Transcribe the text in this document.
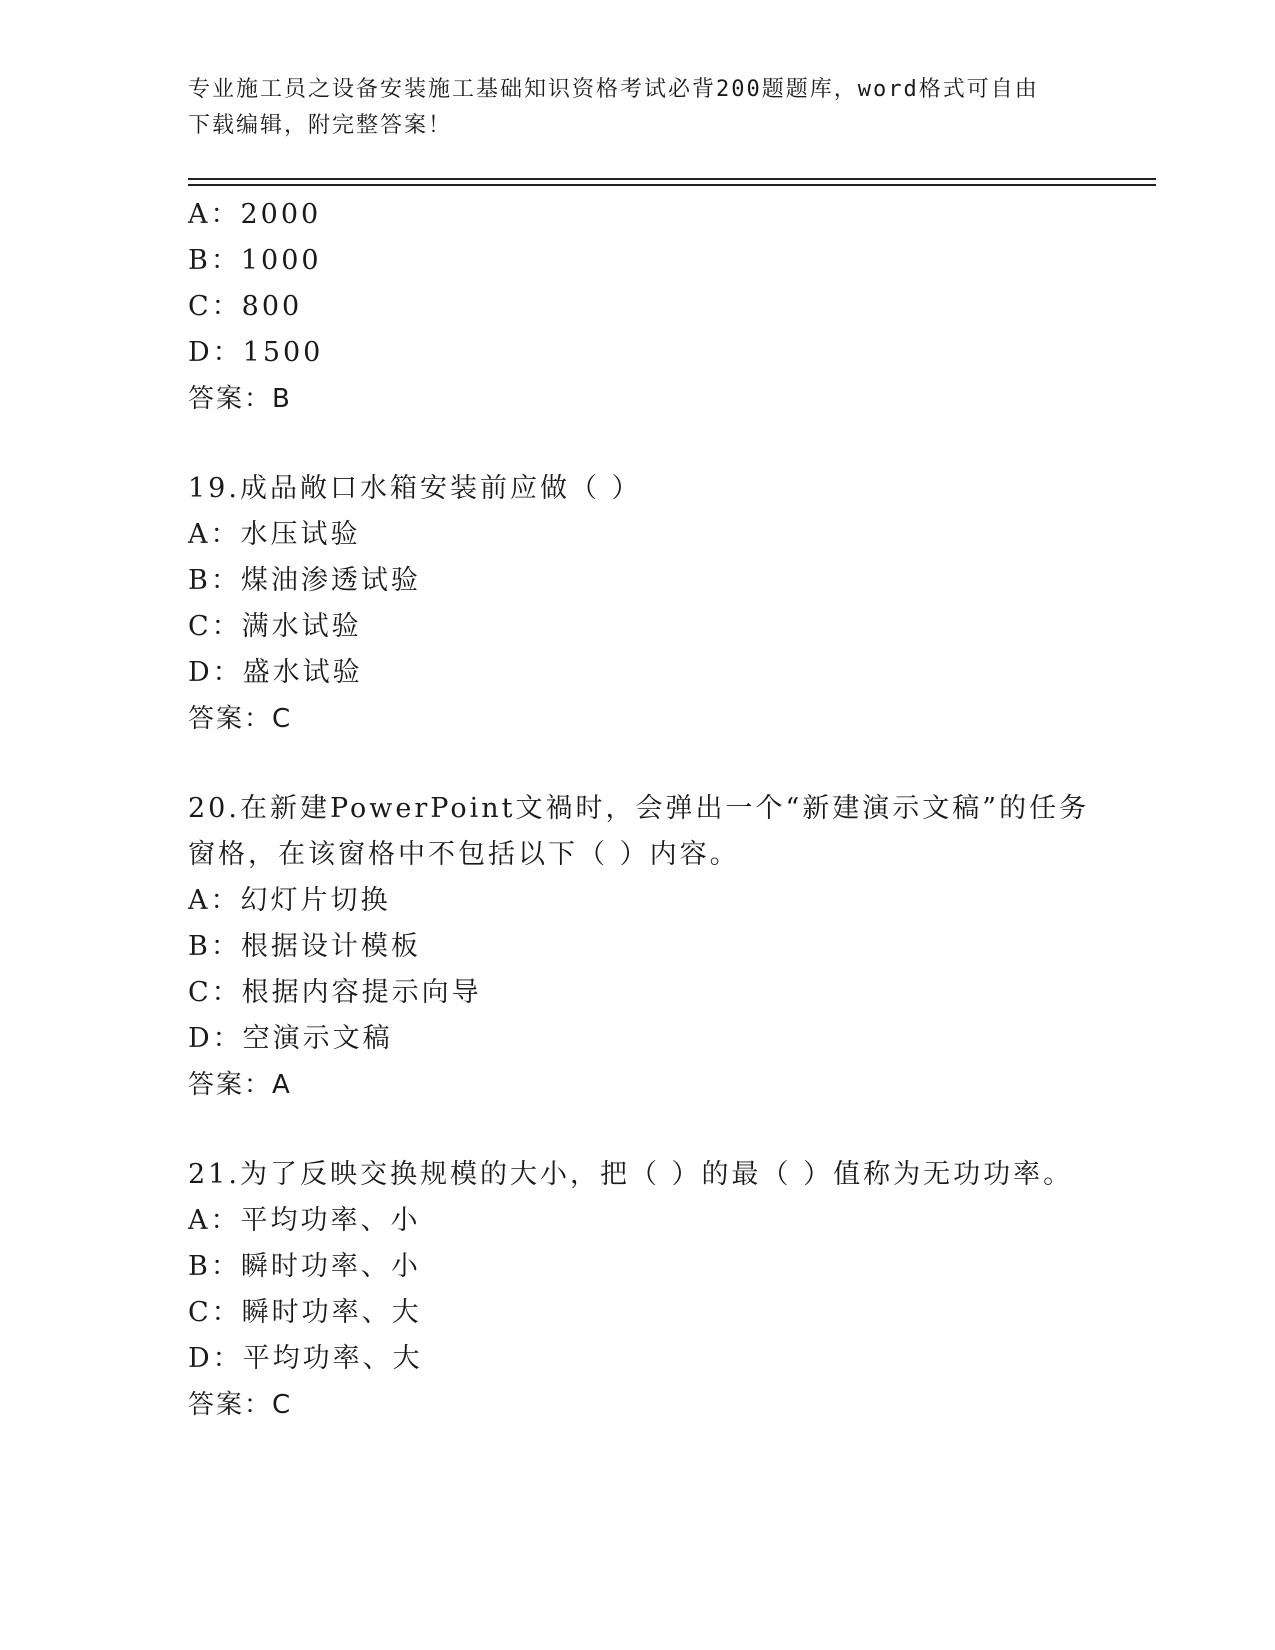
专业施工员之设备安装施工基础知识资格考试必背200题题库，word格式可自由
下载编辑，附完整答案！
A：2000
B：1000
C：800
D：1500
答案：B
19.成品敞口水箱安装前应做（ ）
A：水压试验
B：煤油渗透试验
C：满水试验
D：盛水试验
答案：C
20.在新建PowerPoint文禍时，会弹出一个“新建演示文稿”的任务
窗格，在该窗格中不包括以下（ ）内容。
A：幻灯片切换
B：根据设计模板
C：根据内容提示向导
D：空演示文稿
答案：A
21.为了反映交换规模的大小，把（ ）的最（ ）值称为无功功率。
A：平均功率、小
B：瞬时功率、小
C：瞬时功率、大
D：平均功率、大
答案：C
